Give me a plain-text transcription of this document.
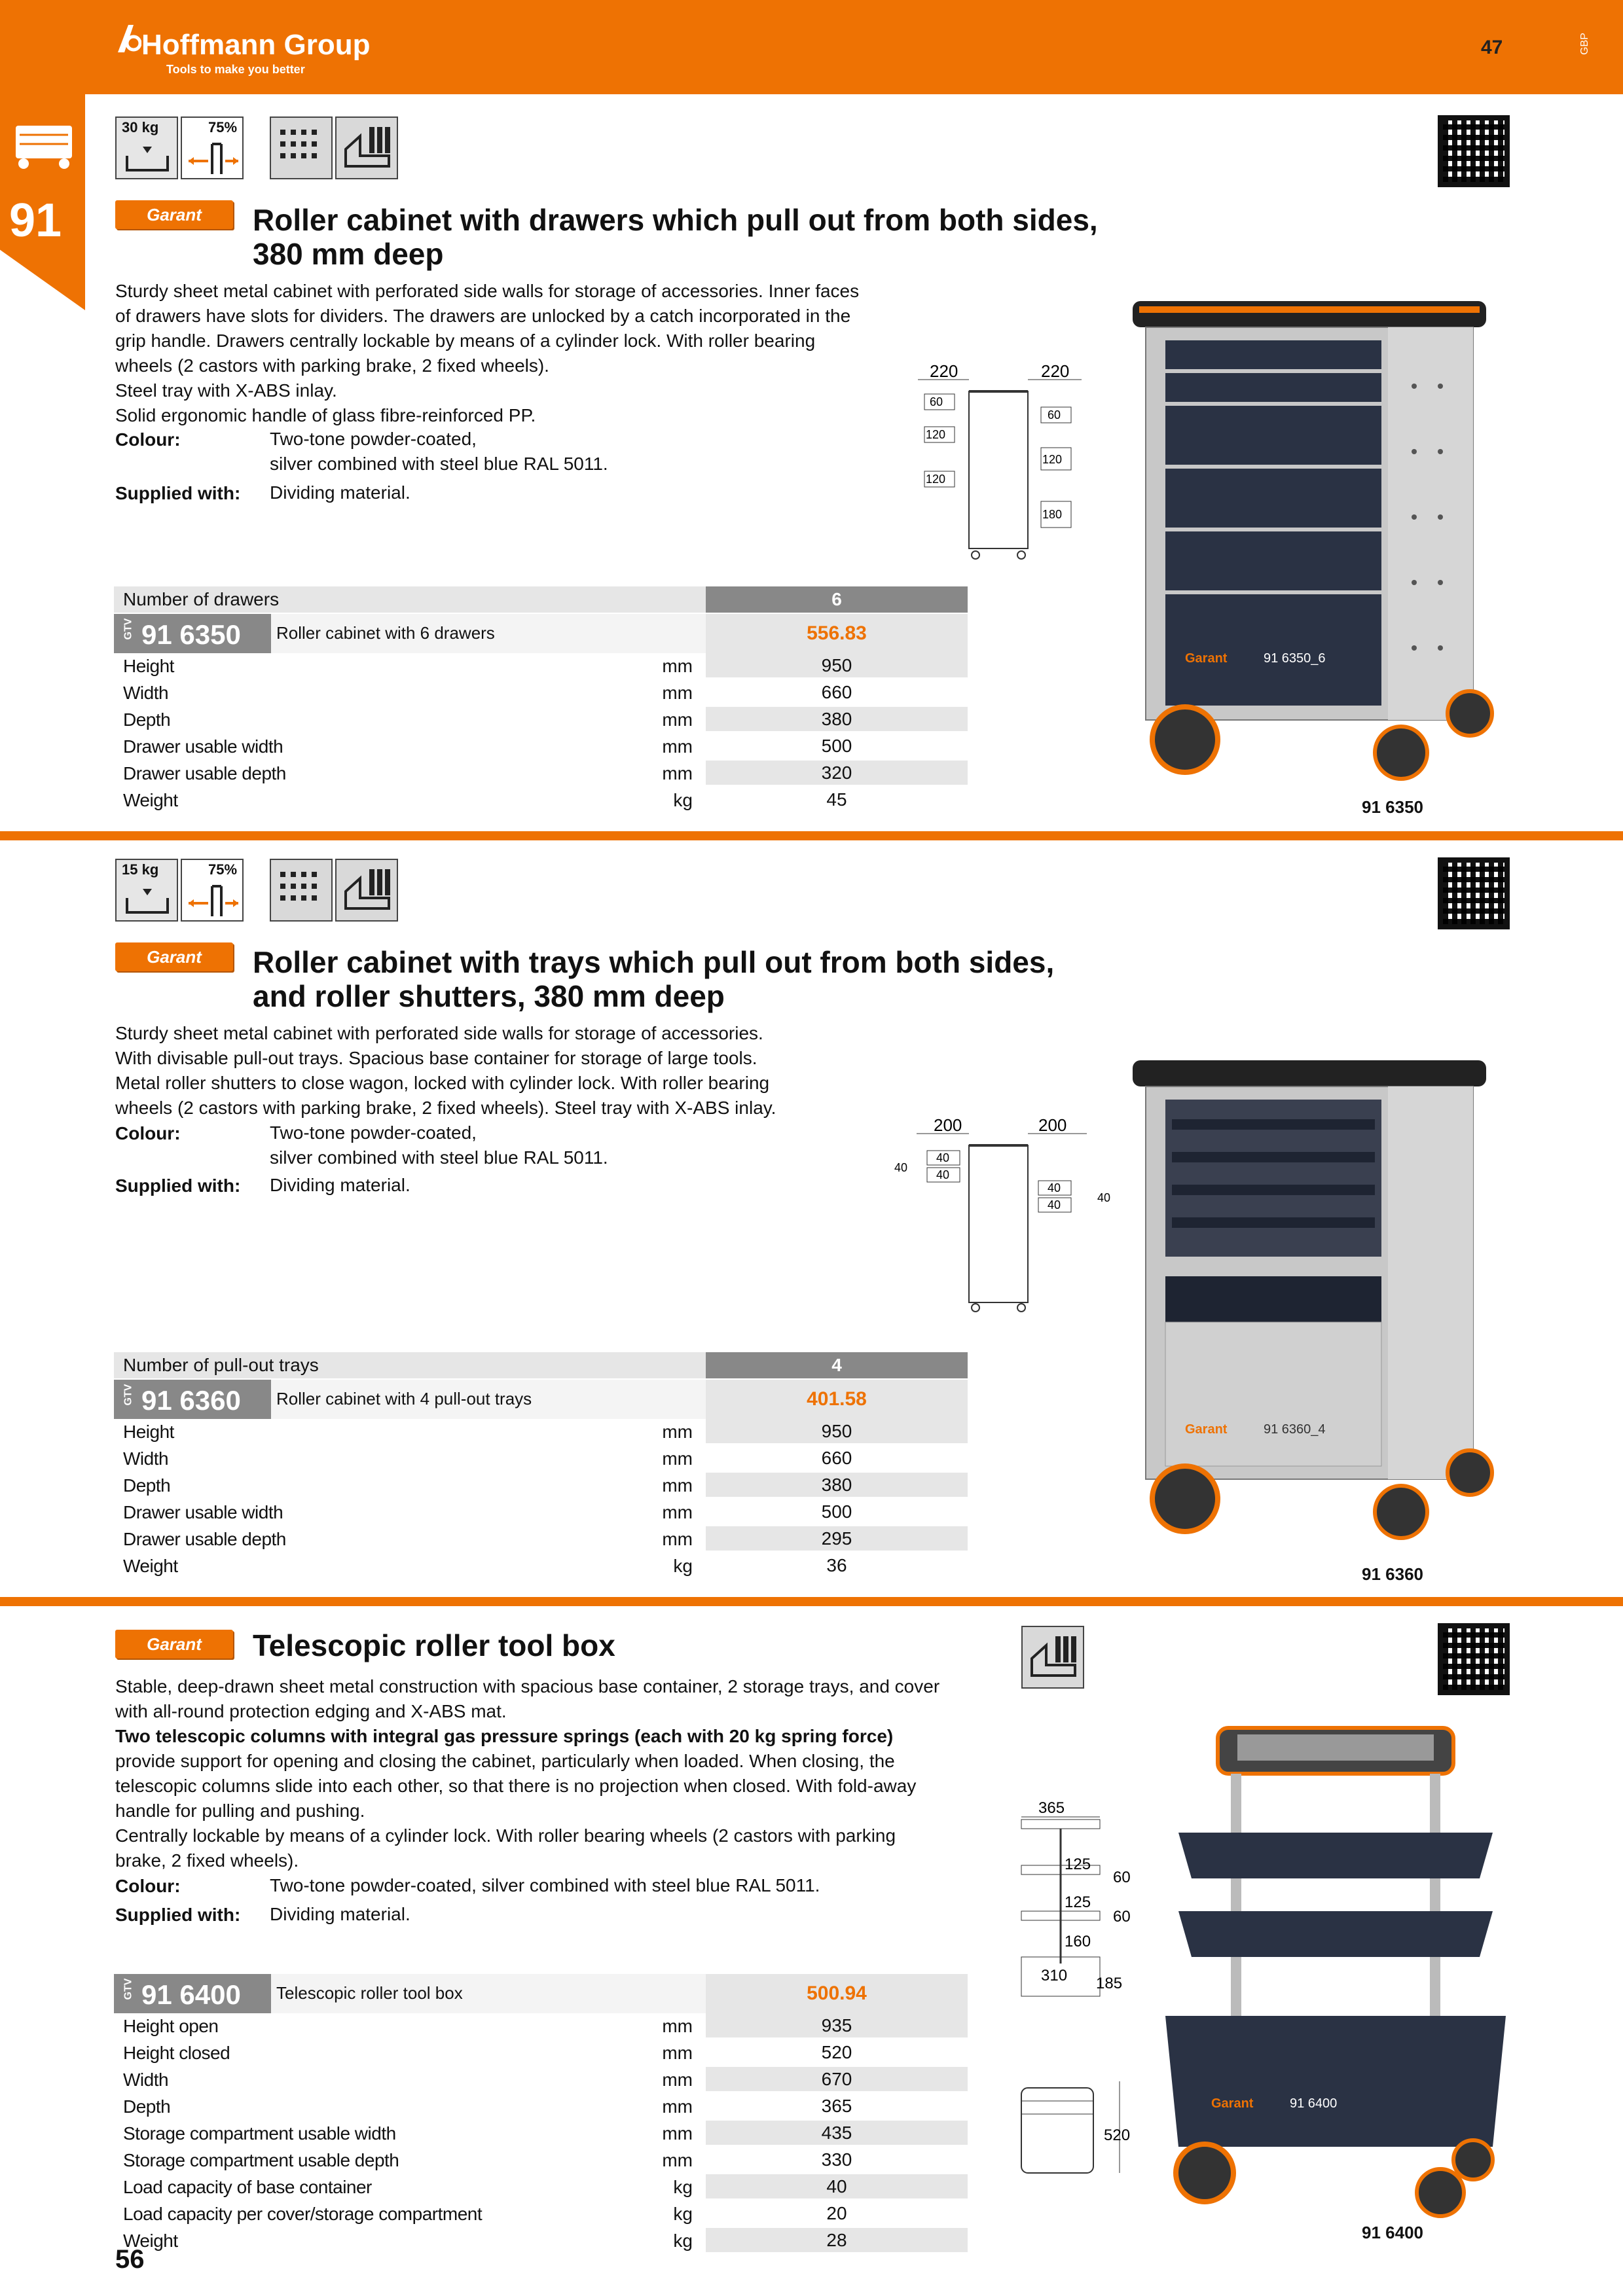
Hoffmann Group
Tools to make you better
47	GBP
91
30 kg	75%
Garant	Roller cabinet with drawers which pull out from both sides,
380 mm deep
Sturdy sheet metal cabinet with perforated side walls for storage of accessories. Inner faces
of drawers have slots for dividers. The drawers are unlocked by a catch incorporated in the
grip handle. Drawers centrally lockable by means of a cylinder lock. With roller bearing
wheels (2 castors with parking brake, 2 fixed wheels).
Steel tray with X-ABS inlay.
Solid ergonomic handle of glass fibre-reinforced PP.
Colour:	Two-tone powder-coated,
silver combined with steel blue RAL 5011.
Supplied with: Dividing material.
220	220
60
120
120
60
120
180
Garant	91 6350_6
Number of drawers	6
GTV 91 6350 Roller cabinet with 6 drawers	556.83
Height	mm	950
Width	mm	660
Depth	mm	380
Drawer usable width	mm	500
Drawer usable depth	mm	320
Weight	kg	45	91 6350
15 kg	75%
Garant	Roller cabinet with trays which pull out from both sides,
and roller shutters, 380 mm deep
Sturdy sheet metal cabinet with perforated side walls for storage of accessories.
With divisable pull-out trays. Spacious base container for storage of large tools.
Metal roller shutters to close wagon, locked with cylinder lock. With roller bearing
wheels (2 castors with parking brake, 2 fixed wheels). Steel tray with X-ABS inlay.
Colour:	Two-tone powder-coated,
silver combined with steel blue RAL 5011.
Supplied with: Dividing material.
200	200
40
40
40
40
40
40
Garant	91 6360_4
Number of pull-out trays	4
GTV 91 6360 Roller cabinet with 4 pull-out trays	401.58
Height	mm	950
Width	mm	660
Depth	mm	380
Drawer usable width	mm	500
Drawer usable depth	mm	295
Weight	kg	36	91 6360
Garant	Telescopic roller tool box
Stable, deep-drawn sheet metal construction with spacious base container, 2 storage trays, and cover
with all-round protection edging and X-ABS mat.
Two telescopic columns with integral gas pressure springs (each with 20 kg spring force)
provide support for opening and closing the cabinet, particularly when loaded. When closing, the
telescopic columns slide into each other, so that there is no projection when closed. With fold-away
handle for pulling and pushing.
Centrally lockable by means of a cylinder lock. With roller bearing wheels (2 castors with parking
brake, 2 fixed wheels).
Colour:	Two-tone powder-coated, silver combined with steel blue RAL 5011.
Supplied with: Dividing material.
365
125
60
125
60
160
310 185
520
Garant	91 6400
GTV 91 6400 Telescopic roller tool box	500.94
Height open	mm	935
Height closed	mm	520
Width	mm	670
Depth	mm	365
Storage compartment usable width	mm	435
Storage compartment usable depth	mm	330
Load capacity of base container	kg	40
Load capacity per cover/storage compartment	kg	20
Weight	kg	28	91 6400
56
